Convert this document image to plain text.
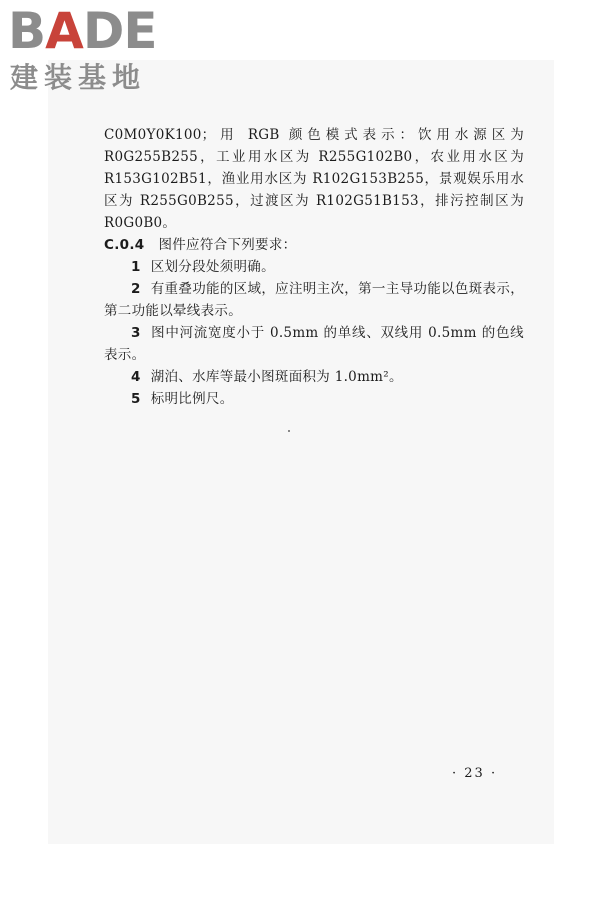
BADE
建装基地

C0M0Y0K100；用 RGB 颜色模式表示：饮用水源区为 R0G255B255，工业用水区为 R255G102B0，农业用水区为 R153G102B51，渔业用水区为 R102G153B255，景观娱乐用水区为 R255G0B255，过渡区为 R102G51B153，排污控制区为 R0G0B0。

C.0.4 图件应符合下列要求：

1 区划分段处须明确。

2 有重叠功能的区域，应注明主次，第一主导功能以色斑表示，第二功能以晕线表示。

3 图中河流宽度小于 0.5mm 的单线、双线用 0.5mm 的色线表示。

4 湖泊、水库等最小图斑面积为 1.0mm²。

5 标明比例尺。

· 23 ·
